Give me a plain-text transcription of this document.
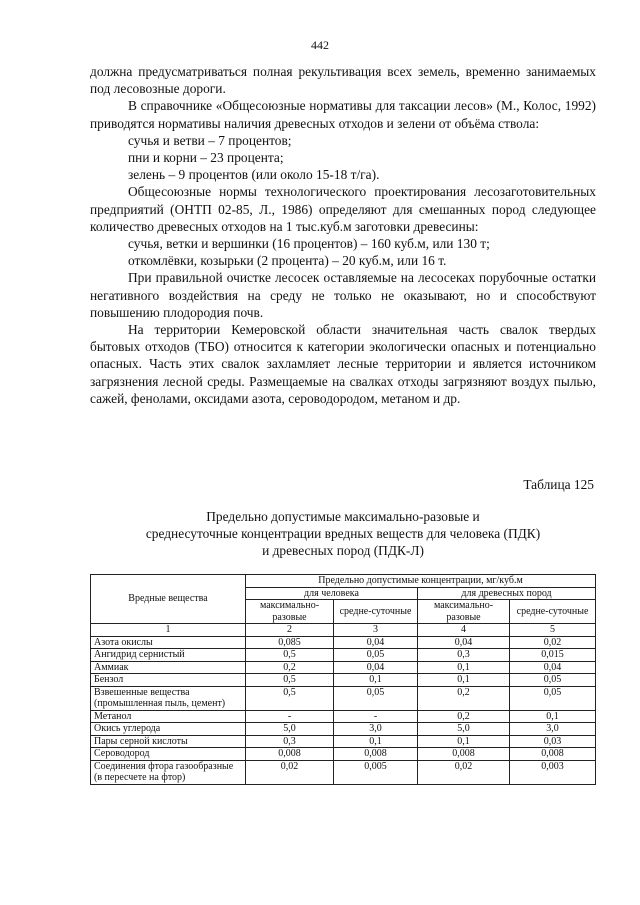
442

должна предусматриваться полная рекультивация всех земель, временно занимаемых под лесовозные дороги.

В справочнике «Общесоюзные нормативы для таксации лесов» (М., Колос, 1992) приводятся нормативы наличия древесных отходов и зелени от объёма ствола:

сучья и ветви – 7 процентов;
пни и корни – 23 процента;
зелень – 9 процентов (или около 15-18 т/га).

Общесоюзные нормы технологического проектирования лесозаготовительных предприятий (ОНТП 02-85, Л., 1986) определяют для смешанных пород следующее количество древесных отходов на 1 тыс.куб.м заготовки древесины:

сучья, ветки и вершинки (16 процентов) – 160 куб.м, или 130 т;
откомлёвки, козырьки (2 процента) – 20 куб.м, или 16 т.

При правильной очистке лесосек оставляемые на лесосеках порубочные остатки негативного воздействия на среду не только не оказывают, но и способствуют повышению плодородия почв.

На территории Кемеровской области значительная часть свалок твердых бытовых отходов (ТБО) относится к категории экологически опасных и потенциально опасных. Часть этих свалок захламляет лесные территории и является источником загрязнения лесной среды. Размещаемые на свалках отходы загрязняют воздух пылью, сажей, фенолами, оксидами азота, сероводородом, метаном и др.

Таблица 125
Предельно допустимые максимально-разовые и
среднесуточные концентрации вредных веществ для человека (ПДК)
и древесных пород (ПДК-Л)
Вредные вещества	Предельно допустимые концентрации, мг/куб.м			
	для человека		для древесных пород	
	максимально-разовые	средне-суточные	максимально-разовые	средне-суточные
1	2	3	4	5
Азота окислы	0,085	0,04	0,04	0,02
Ангидрид сернистый	0,5	0,05	0,3	0,015
Аммиак	0,2	0,04	0,1	0,04
Бензол	0,5	0,1	0,1	0,05
Взвешенные вещества (промышленная пыль, цемент)	0,5	0,05	0,2	0,05
Метанол	-	-	0,2	0,1
Окись углерода	5,0	3,0	5,0	3,0
Пары серной кислоты	0,3	0,1	0,1	0,03
Сероводород	0,008	0,008	0,008	0,008
Соединения фтора газообразные (в пересчете на фтор)	0,02	0,005	0,02	0,003
